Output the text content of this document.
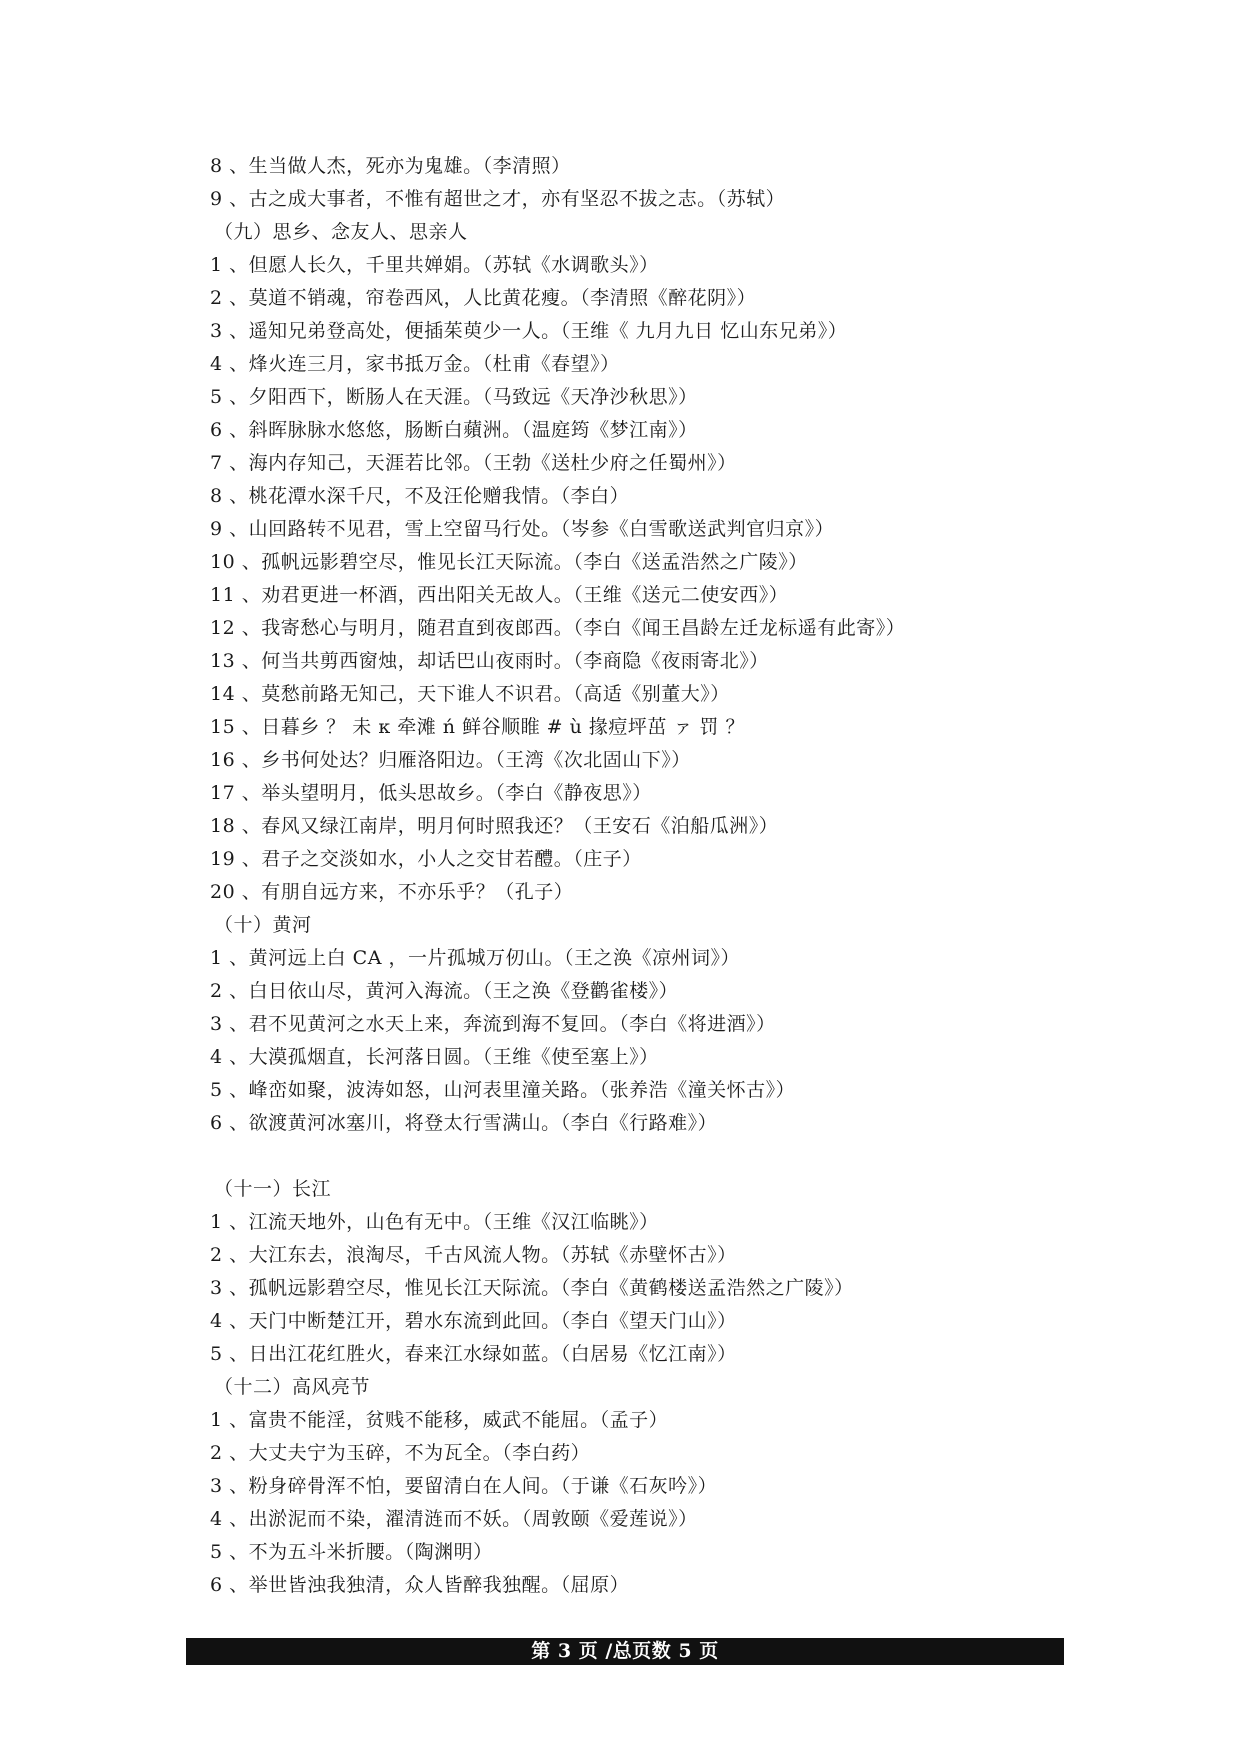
8 、生当做人杰，死亦为鬼雄。（李清照）
9 、古之成大事者，不惟有超世之才，亦有坚忍不拔之志。（苏轼）
（九）思乡、念友人、思亲人
1 、但愿人长久，千里共婵娟。（苏轼《水调歌头》）
2 、莫道不销魂，帘卷西风，人比黄花瘦。（李清照《醉花阴》）
3 、遥知兄弟登高处，便插茱萸少一人。（王维《 九月九日 忆山东兄弟》）
4 、烽火连三月，家书抵万金。（杜甫《春望》）
5 、夕阳西下，断肠人在天涯。（马致远《天净沙秋思》）
6 、斜晖脉脉水悠悠，肠断白蘋洲。（温庭筠《梦江南》）
7 、海内存知己，天涯若比邻。（王勃《送杜少府之任蜀州》）
8 、桃花潭水深千尺，不及汪伦赠我情。（李白）
9 、山回路转不见君，雪上空留马行处。（岑参《白雪歌送武判官归京》）
10 、孤帆远影碧空尽，惟见长江天际流。（李白《送孟浩然之广陵》）
11 、劝君更进一杯酒，西出阳关无故人。（王维《送元二使安西》）
12 、我寄愁心与明月，随君直到夜郎西。（李白《闻王昌龄左迁龙标遥有此寄》）
13 、何当共剪西窗烛，却话巴山夜雨时。（李商隐《夜雨寄北》）
14 、莫愁前路无知己，天下谁人不识君。（高适《别董大》）
15 、日暮乡 ？ 未 κ 牵滩 ń 鲜谷顺睢 # ù 掾痘坪茁 ァ 罚 ？
16 、乡书何处达？归雁洛阳边。（王湾《次北固山下》）
17 、举头望明月，低头思故乡。（李白《静夜思》）
18 、春风又绿江南岸，明月何时照我还？（王安石《泊船瓜洲》）
19 、君子之交淡如水，小人之交甘若醴。（庄子）
20 、有朋自远方来，不亦乐乎？（孔子）
（十）黄河
1 、黄河远上白 CA ，一片孤城万仞山。（王之涣《凉州词》）
2 、白日依山尽，黄河入海流。（王之涣《登鹳雀楼》）
3 、君不见黄河之水天上来，奔流到海不复回。（李白《将进酒》）
4 、大漠孤烟直，长河落日圆。（王维《使至塞上》）
5 、峰峦如聚，波涛如怒，山河表里潼关路。（张养浩《潼关怀古》）
6 、欲渡黄河冰塞川，将登太行雪满山。（李白《行路难》）
（十一）长江
1 、江流天地外，山色有无中。（王维《汉江临眺》）
2 、大江东去，浪淘尽，千古风流人物。（苏轼《赤壁怀古》）
3 、孤帆远影碧空尽，惟见长江天际流。（李白《黄鹤楼送孟浩然之广陵》）
4 、天门中断楚江开，碧水东流到此回。（李白《望天门山》）
5 、日出江花红胜火，春来江水绿如蓝。（白居易《忆江南》）
（十二）高风亮节
1 、富贵不能淫，贫贱不能移，威武不能屈。（孟子）
2 、大丈夫宁为玉碎，不为瓦全。（李白药）
3 、粉身碎骨浑不怕，要留清白在人间。（于谦《石灰吟》）
4 、出淤泥而不染，濯清涟而不妖。（周敦颐《爱莲说》）
5 、不为五斗米折腰。（陶渊明）
6 、举世皆浊我独清，众人皆醉我独醒。（屈原）
第 3 页 /总页数 5 页
